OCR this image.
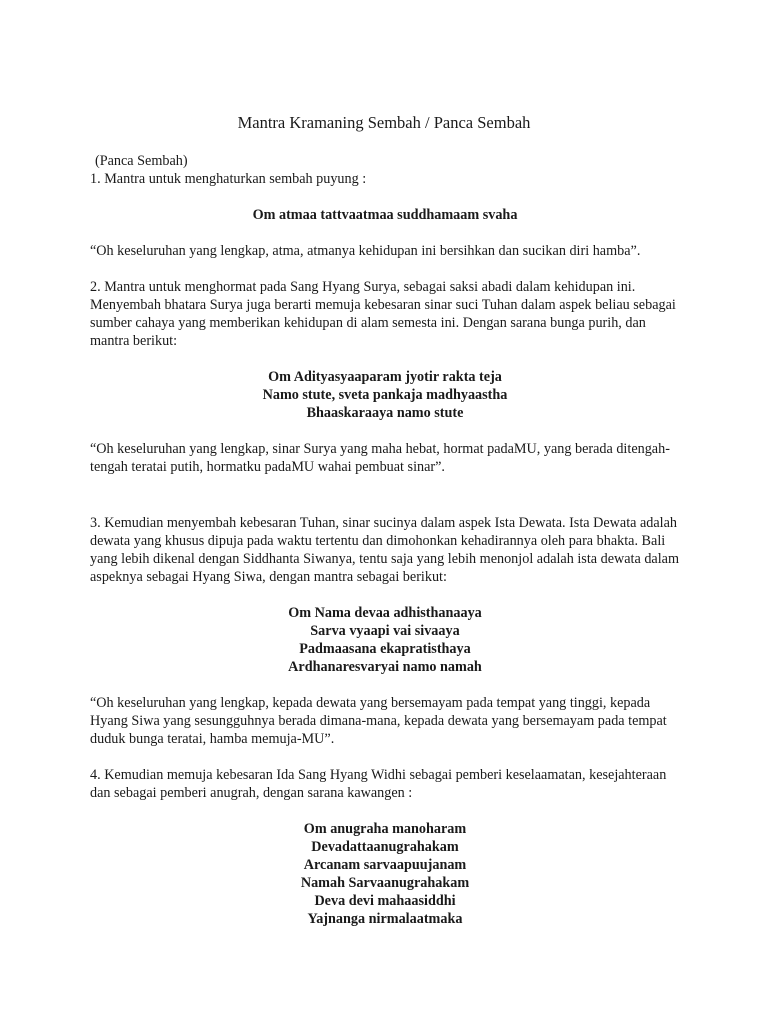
Mantra Kramaning Sembah / Panca Sembah

(Panca Sembah)

1. Mantra untuk menghaturkan sembah puyung :

Om atmaa tattvaatmaa suddhamaam svaha

“Oh keseluruhan yang lengkap, atma, atmanya kehidupan ini bersihkan dan sucikan diri hamba”.

2. Mantra untuk menghormat pada Sang Hyang Surya, sebagai saksi abadi dalam kehidupan ini. Menyembah bhatara Surya juga berarti memuja kebesaran sinar suci Tuhan dalam aspek beliau sebagai sumber cahaya yang memberikan kehidupan di alam semesta ini. Dengan sarana bunga purih, dan mantra berikut:

Om Adityasyaaparam jyotir rakta teja

Namo stute, sveta pankaja madhyaastha

Bhaaskaraaya namo stute

“Oh keseluruhan yang lengkap, sinar Surya yang maha hebat, hormat padaMU, yang berada ditengah-tengah teratai putih, hormatku padaMU wahai pembuat sinar”.

3. Kemudian menyembah kebesaran Tuhan, sinar sucinya dalam aspek Ista Dewata. Ista Dewata adalah dewata yang khusus dipuja pada waktu tertentu dan dimohonkan kehadirannya oleh para bhakta. Bali yang lebih dikenal dengan Siddhanta Siwanya, tentu saja yang lebih menonjol adalah ista dewata dalam aspeknya sebagai Hyang Siwa, dengan mantra sebagai berikut:

Om Nama devaa adhisthanaaya

Sarva vyaapi vai sivaaya

Padmaasana ekapratisthaya

Ardhanaresvaryai namo namah

“Oh keseluruhan yang lengkap, kepada dewata yang bersemayam pada tempat yang tinggi, kepada Hyang Siwa yang sesungguhnya berada dimana-mana, kepada dewata yang bersemayam pada tempat duduk bunga teratai, hamba memuja-MU”.

4. Kemudian memuja kebesaran Ida Sang Hyang Widhi sebagai pemberi keselaamatan, kesejahteraan dan sebagai pemberi anugrah, dengan sarana kawangen :

Om anugraha manoharam

Devadattaanugrahakam

Arcanam sarvaapuujanam

Namah Sarvaanugrahakam

Deva devi mahaasiddhi

Yajnanga nirmalaatmaka
